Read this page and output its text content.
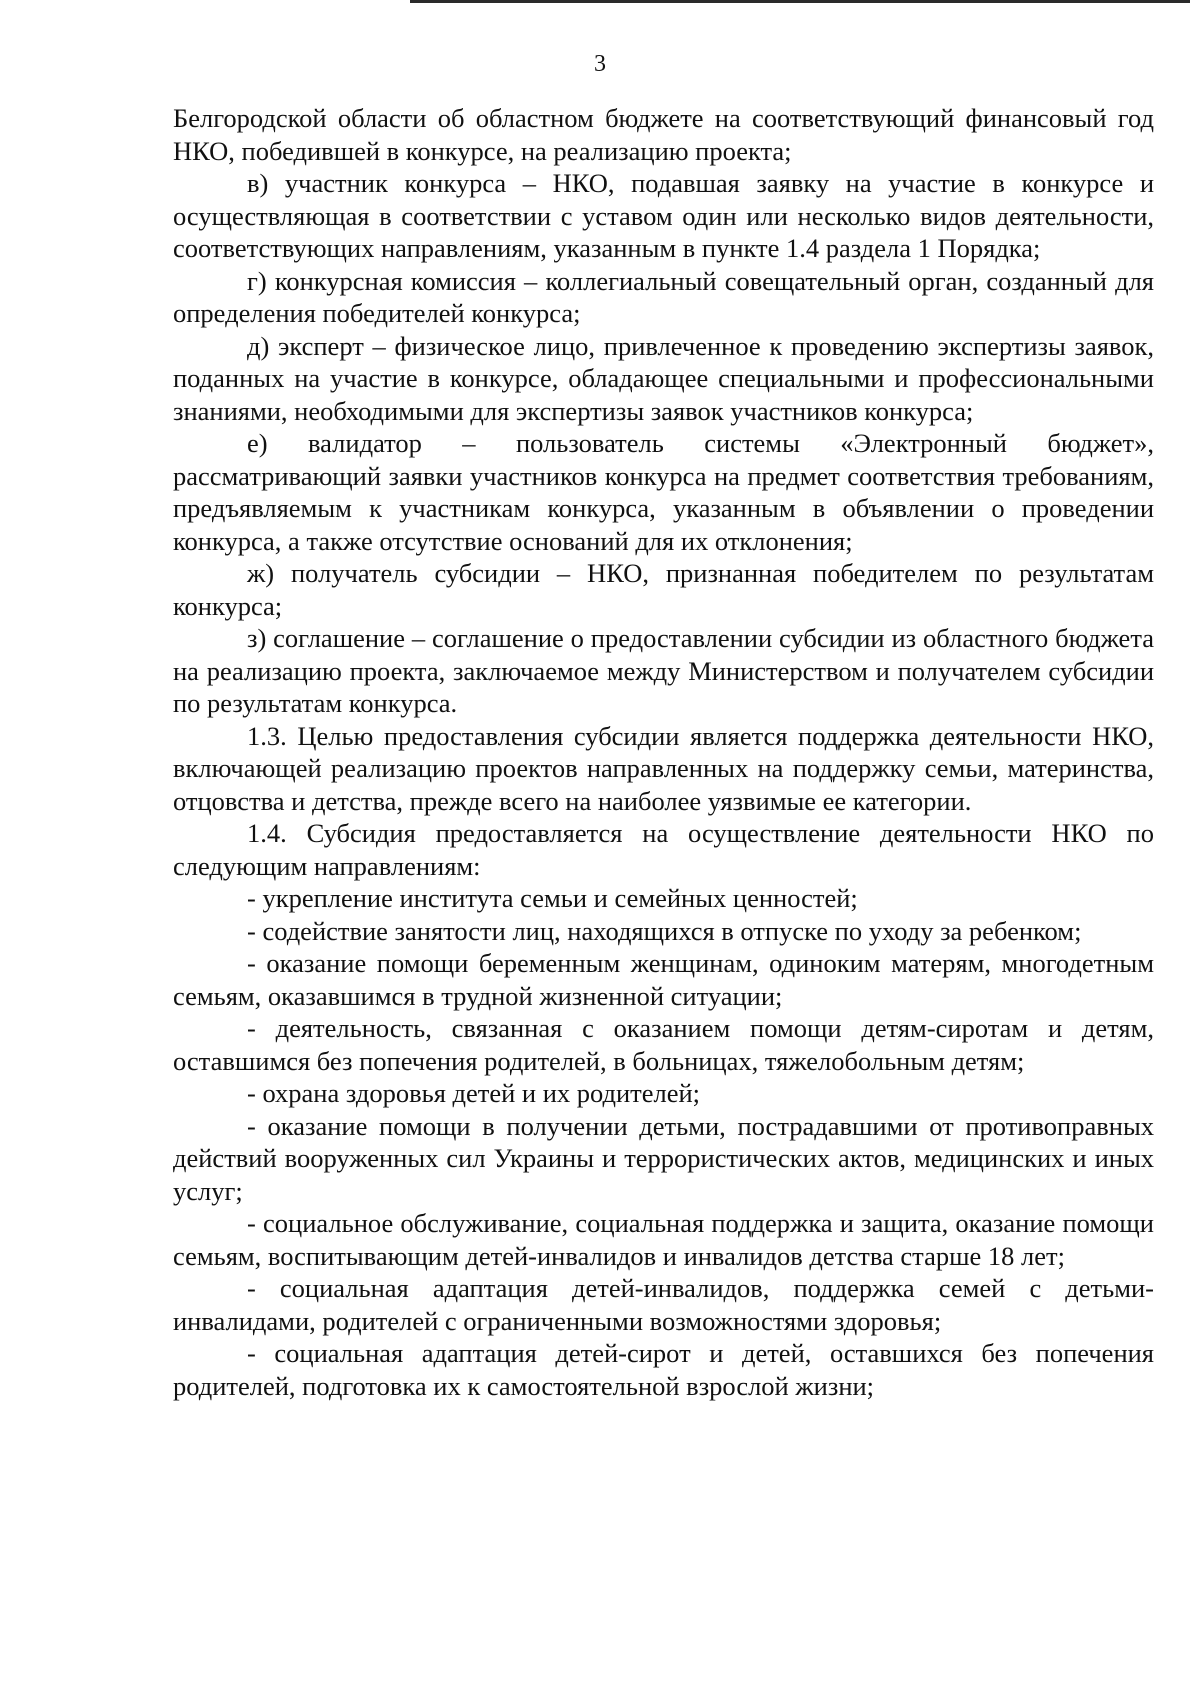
3

Белгородской области об областном бюджете на соответствующий финансовый год НКО, победившей в конкурсе, на реализацию проекта;

в) участник конкурса – НКО, подавшая заявку на участие в конкурсе и осуществляющая в соответствии с уставом один или несколько видов деятельности, соответствующих направлениям, указанным в пункте 1.4 раздела 1 Порядка;

г) конкурсная комиссия – коллегиальный совещательный орган, созданный для определения победителей конкурса;

д) эксперт – физическое лицо, привлеченное к проведению экспертизы заявок, поданных на участие в конкурсе, обладающее специальными и профессиональными знаниями, необходимыми для экспертизы заявок участников конкурса;

е) валидатор – пользователь системы «Электронный бюджет», рассматривающий заявки участников конкурса на предмет соответствия требованиям, предъявляемым к участникам конкурса, указанным в объявлении о проведении конкурса, а также отсутствие оснований для их отклонения;

ж) получатель субсидии – НКО, признанная победителем по результатам конкурса;

з) соглашение – соглашение о предоставлении субсидии из областного бюджета на реализацию проекта, заключаемое между Министерством и получателем субсидии по результатам конкурса.

1.3. Целью предоставления субсидии является поддержка деятельности НКО, включающей реализацию проектов направленных на поддержку семьи, материнства, отцовства и детства, прежде всего на наиболее уязвимые ее категории.

1.4. Субсидия предоставляется на осуществление деятельности НКО по следующим направлениям:

- укрепление института семьи и семейных ценностей;

- содействие занятости лиц, находящихся в отпуске по уходу за ребенком;

- оказание помощи беременным женщинам, одиноким матерям, многодетным семьям, оказавшимся в трудной жизненной ситуации;

- деятельность, связанная с оказанием помощи детям-сиротам и детям, оставшимся без попечения родителей, в больницах, тяжелобольным детям;

- охрана здоровья детей и их родителей;

- оказание помощи в получении детьми, пострадавшими от противоправных действий вооруженных сил Украины и террористических актов, медицинских и иных услуг;

- социальное обслуживание, социальная поддержка и защита, оказание помощи семьям, воспитывающим детей-инвалидов и инвалидов детства старше 18 лет;

- социальная адаптация детей-инвалидов, поддержка семей с детьми-инвалидами, родителей с ограниченными возможностями здоровья;

- социальная адаптация детей-сирот и детей, оставшихся без попечения родителей, подготовка их к самостоятельной взрослой жизни;
